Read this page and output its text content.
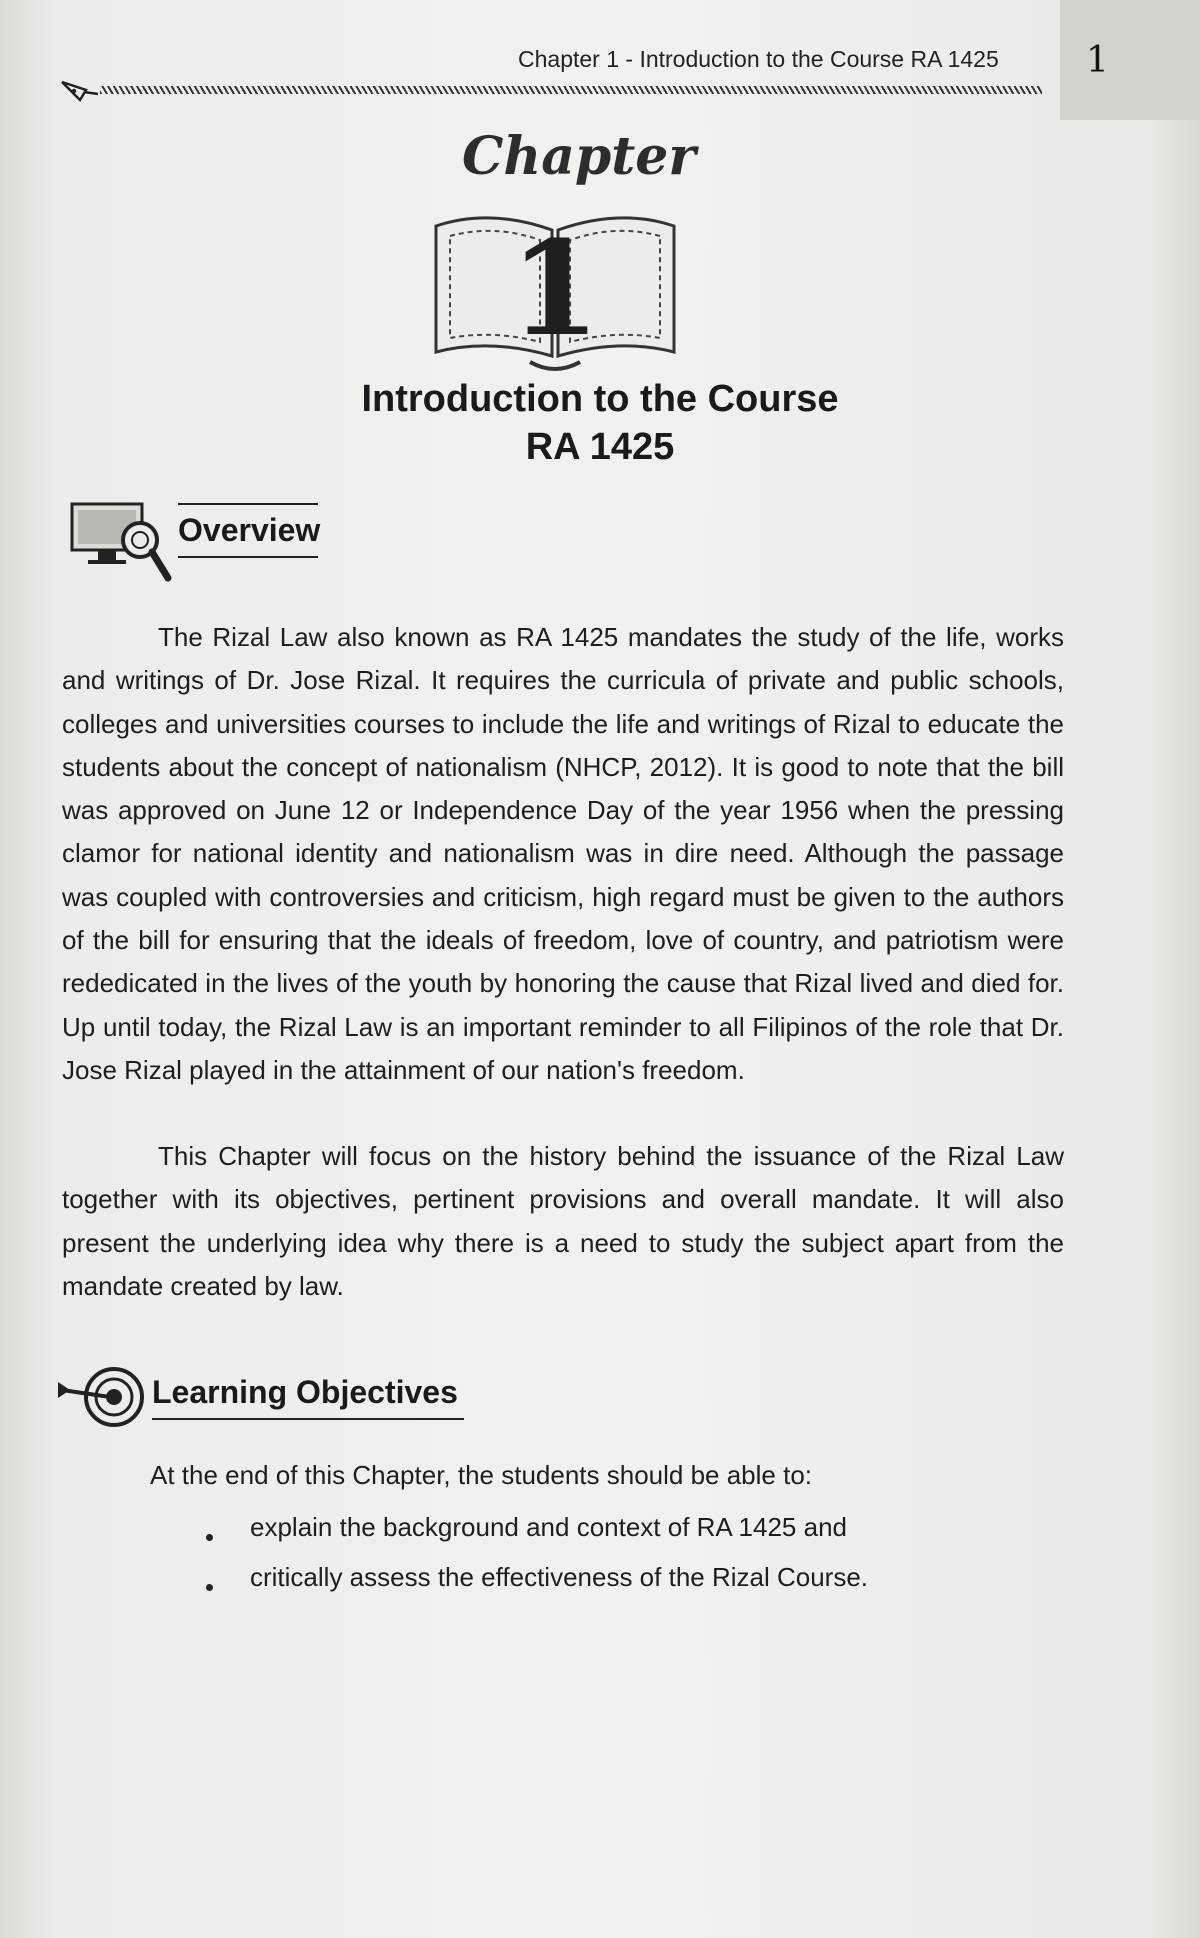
Chapter 1 - Introduction to the Course RA 1425 1
Chapter
1
Introduction to the Course
RA 1425
Overview

The Rizal Law also known as RA 1425 mandates the study of the life, works and writings of Dr. Jose Rizal. It requires the curricula of private and public schools, colleges and universities courses to include the life and writings of Rizal to educate the students about the concept of nationalism (NHCP, 2012). It is good to note that the bill was approved on June 12 or Independence Day of the year 1956 when the pressing clamor for national identity and nationalism was in dire need. Although the passage was coupled with controversies and criticism, high regard must be given to the authors of the bill for ensuring that the ideals of freedom, love of country, and patriotism were rededicated in the lives of the youth by honoring the cause that Rizal lived and died for. Up until today, the Rizal Law is an important reminder to all Filipinos of the role that Dr. Jose Rizal played in the attainment of our nation's freedom.

This Chapter will focus on the history behind the issuance of the Rizal Law together with its objectives, pertinent provisions and overall mandate. It will also present the underlying idea why there is a need to study the subject apart from the mandate created by law.

Learning Objectives
At the end of this Chapter, the students should be able to:
explain the background and context of RA 1425 and
critically assess the effectiveness of the Rizal Course.
